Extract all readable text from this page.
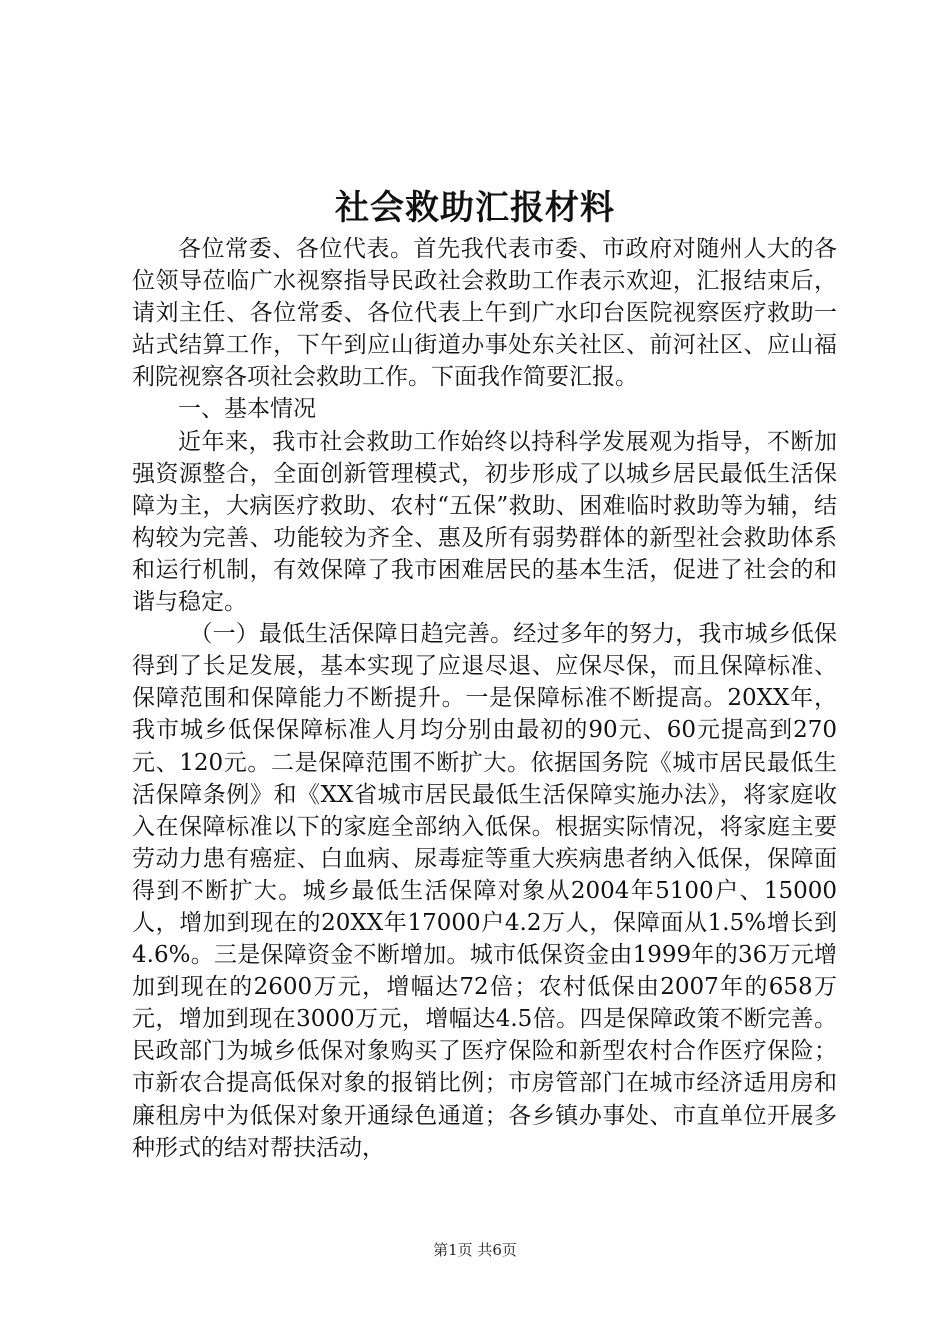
社会救助汇报材料

各位常委、各位代表。首先我代表市委、市政府对随州人大的各位领导莅临广水视察指导民政社会救助工作表示欢迎，汇报结束后，请刘主任、各位常委、各位代表上午到广水印台医院视察医疗救助一站式结算工作，下午到应山街道办事处东关社区、前河社区、应山福利院视察各项社会救助工作。下面我作简要汇报。

一、基本情况

近年来，我市社会救助工作始终以持科学发展观为指导，不断加强资源整合，全面创新管理模式，初步形成了以城乡居民最低生活保障为主，大病医疗救助、农村“五保”救助、困难临时救助等为辅，结构较为完善、功能较为齐全、惠及所有弱势群体的新型社会救助体系和运行机制，有效保障了我市困难居民的基本生活，促进了社会的和谐与稳定。

（一）最低生活保障日趋完善。经过多年的努力，我市城乡低保得到了长足发展，基本实现了应退尽退、应保尽保，而且保障标准、保障范围和保障能力不断提升。一是保障标准不断提高。20XX年，我市城乡低保保障标准人月均分别由最初的90元、60元提高到270元、120元。二是保障范围不断扩大。依据国务院《城市居民最低生活保障条例》和《XX省城市居民最低生活保障实施办法》，将家庭收入在保障标准以下的家庭全部纳入低保。根据实际情况，将家庭主要劳动力患有癌症、白血病、尿毒症等重大疾病患者纳入低保，保障面得到不断扩大。城乡最低生活保障对象从2004年5100户、15000人，增加到现在的20XX年17000户4.2万人，保障面从1.5%增长到4.6%。三是保障资金不断增加。城市低保资金由1999年的36万元增加到现在的2600万元，增幅达72倍；农村低保由2007年的658万元，增加到现在3000万元，增幅达4.5倍。四是保障政策不断完善。民政部门为城乡低保对象购买了医疗保险和新型农村合作医疗保险；市新农合提高低保对象的报销比例；市房管部门在城市经济适用房和廉租房中为低保对象开通绿色通道；各乡镇办事处、市直单位开展多种形式的结对帮扶活动，

第1页 共6页
